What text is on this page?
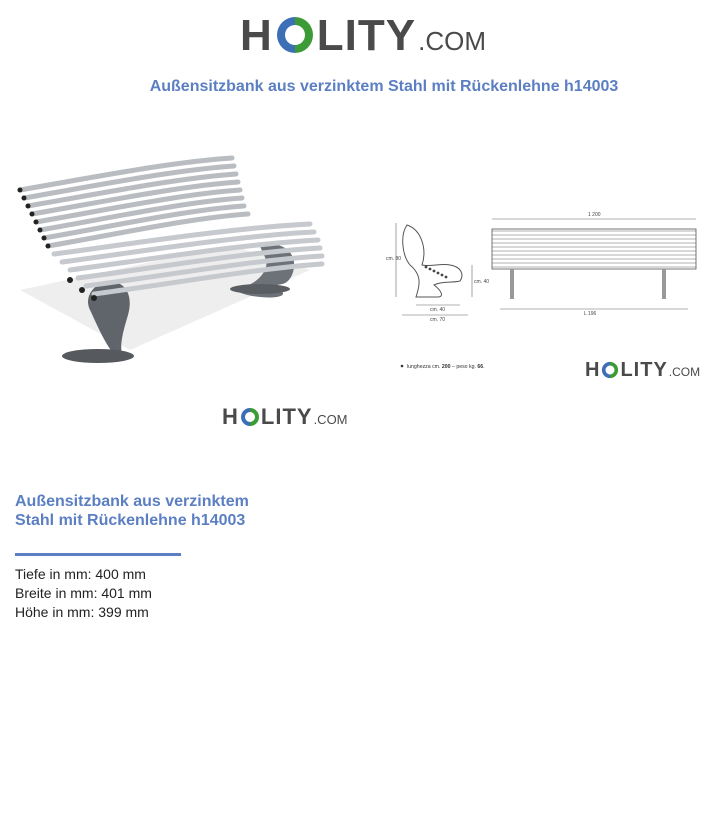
H LITY .COM
Außensitzbank aus verzinktem Stahl mit Rückenlehne h14003
cm. 80
cm. 40
cm. 40
cm. 70
1 200
L 196
lunghezza cm. 200 – peso kg. 66.	H LITY .COM
H LITY .COM
Außensitzbank aus verzinktem Stahl mit Rückenlehne h14003
Tiefe in mm: 400 mm
Breite in mm: 401 mm
Höhe in mm: 399 mm
